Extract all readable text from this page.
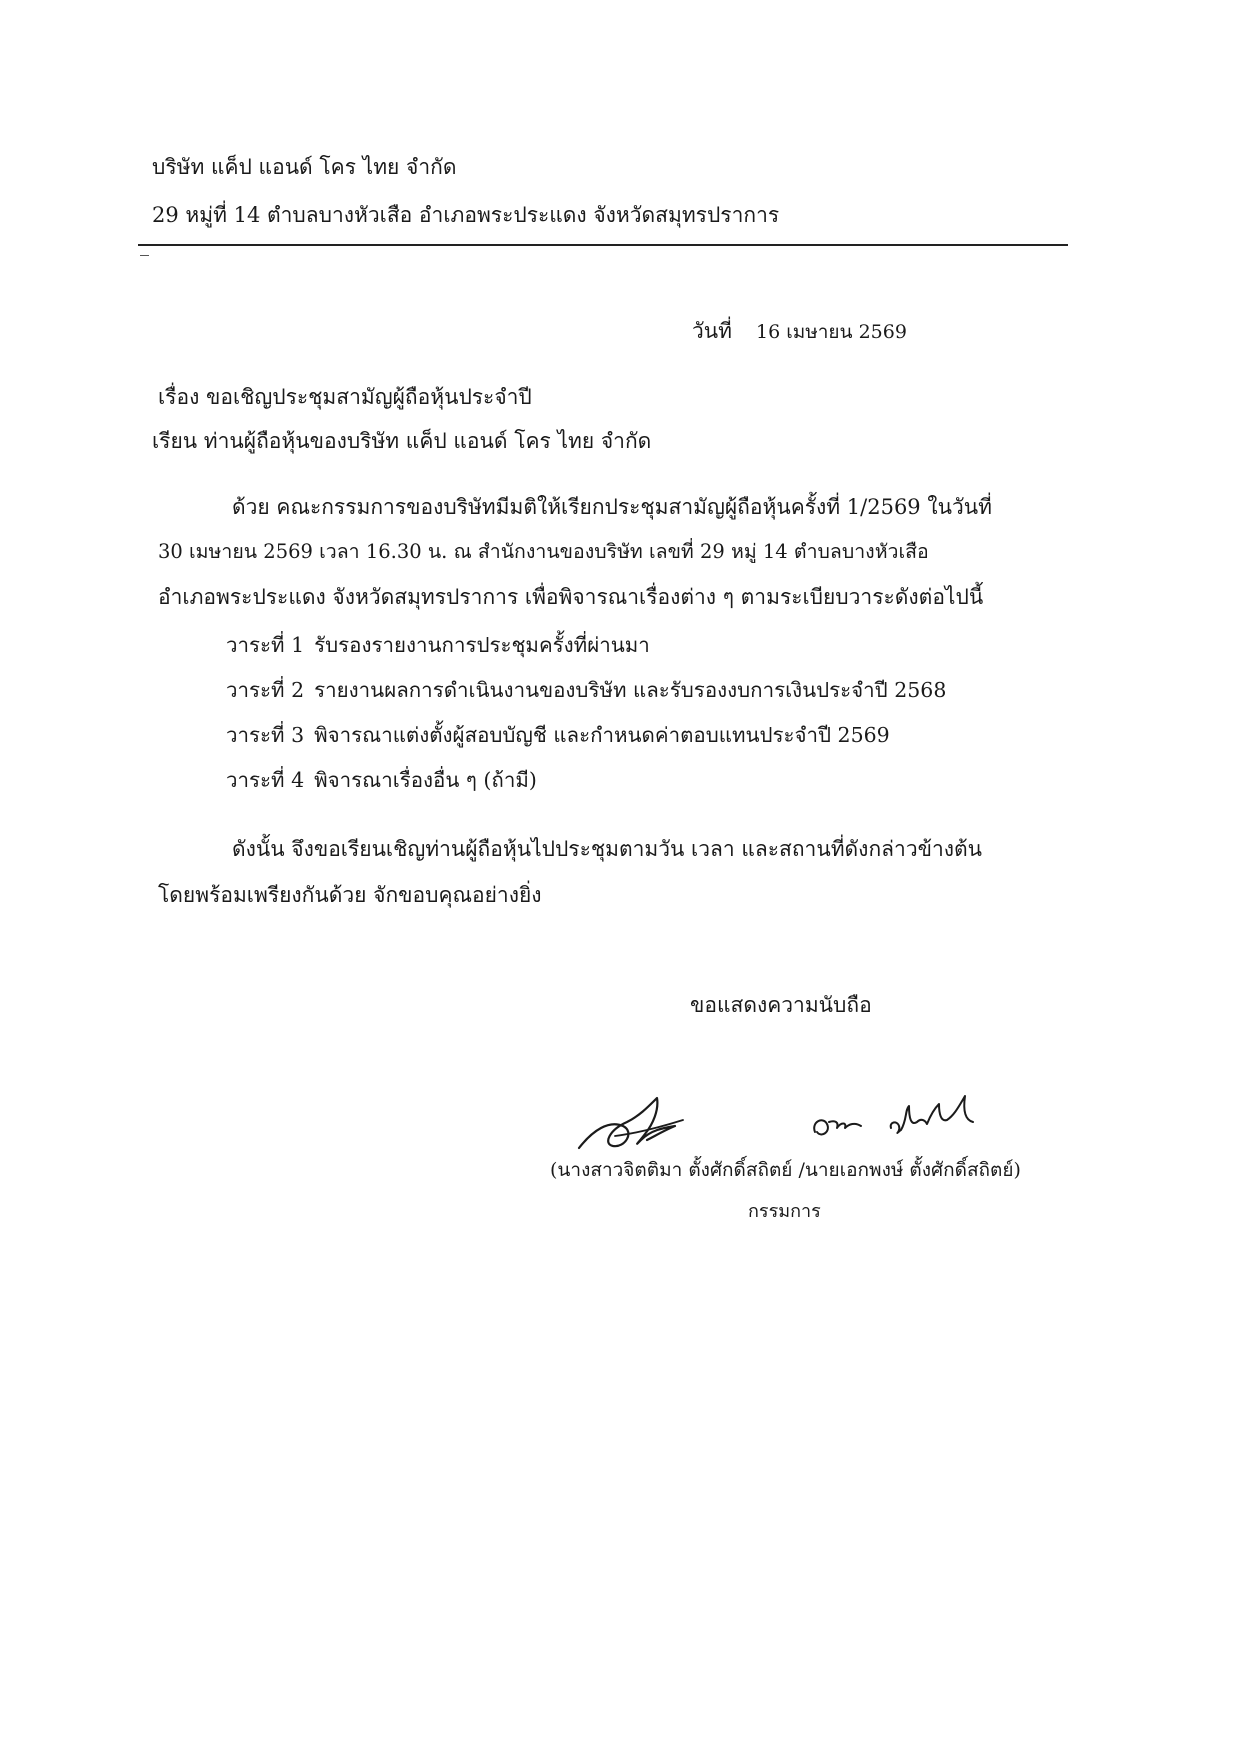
บริษัท แค็ป แอนด์ โคร ไทย จำกัด
29 หมู่ที่ 14 ตำบลบางหัวเสือ อำเภอพระประแดง จังหวัดสมุทรปราการ
วันที่ 16 เมษายน 2569
เรื่อง ขอเชิญประชุมสามัญผู้ถือหุ้นประจำปี
เรียน ท่านผู้ถือหุ้นของบริษัท แค็ป แอนด์ โคร ไทย จำกัด
ด้วย คณะกรรมการของบริษัทมีมติให้เรียกประชุมสามัญผู้ถือหุ้นครั้งที่ 1/2569 ในวันที่
30 เมษายน 2569 เวลา 16.30 น. ณ สำนักงานของบริษัท เลขที่ 29 หมู่ 14 ตำบลบางหัวเสือ
อำเภอพระประแดง จังหวัดสมุทรปราการ เพื่อพิจารณาเรื่องต่าง ๆ ตามระเบียบวาระดังต่อไปนี้
วาระที่ 1 รับรองรายงานการประชุมครั้งที่ผ่านมา
วาระที่ 2 รายงานผลการดำเนินงานของบริษัท และรับรองงบการเงินประจำปี 2568
วาระที่ 3 พิจารณาแต่งตั้งผู้สอบบัญชี และกำหนดค่าตอบแทนประจำปี 2569
วาระที่ 4 พิจารณาเรื่องอื่น ๆ (ถ้ามี)
ดังนั้น จึงขอเรียนเชิญท่านผู้ถือหุ้นไปประชุมตามวัน เวลา และสถานที่ดังกล่าวข้างต้น
โดยพร้อมเพรียงกันด้วย จักขอบคุณอย่างยิ่ง
ขอแสดงความนับถือ
(นางสาวจิตติมา ตั้งศักดิ์สถิตย์ /นายเอกพงษ์ ตั้งศักดิ์สถิตย์)
กรรมการ
